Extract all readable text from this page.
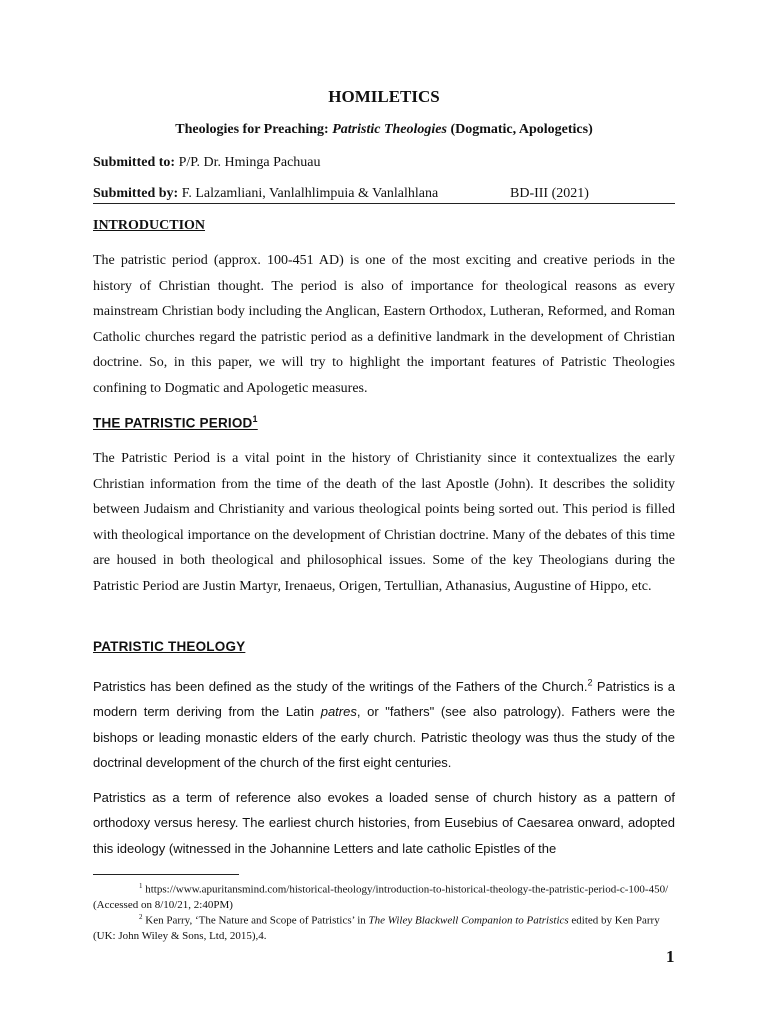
HOMILETICS
Theologies for Preaching: Patristic Theologies (Dogmatic, Apologetics)
Submitted to: P/P. Dr. Hminga Pachuau
Submitted by: F. Lalzamliani, Vanlalhlimpuia & Vanlalhlana	BD-III (2021)
INTRODUCTION

The patristic period (approx. 100-451 AD) is one of the most exciting and creative periods in the history of Christian thought. The period is also of importance for theological reasons as every mainstream Christian body including the Anglican, Eastern Orthodox, Lutheran, Reformed, and Roman Catholic churches regard the patristic period as a definitive landmark in the development of Christian doctrine. So, in this paper, we will try to highlight the important features of Patristic Theologies confining to Dogmatic and Apologetic measures.

THE PATRISTIC PERIOD$^1$

The Patristic Period is a vital point in the history of Christianity since it contextualizes the early Christian information from the time of the death of the last Apostle (John). It describes the solidity between Judaism and Christianity and various theological points being sorted out. This period is filled with theological importance on the development of Christian doctrine. Many of the debates of this time are housed in both theological and philosophical issues. Some of the key Theologians during the Patristic Period are Justin Martyr, Irenaeus, Origen, Tertullian, Athanasius, Augustine of Hippo, etc.

PATRISTIC THEOLOGY

Patristics has been defined as the study of the writings of the Fathers of the Church.$^2$ Patristics is a modern term deriving from the Latin patres, or "fathers" (see also patrology). Fathers were the bishops or leading monastic elders of the early church. Patristic theology was thus the study of the doctrinal development of the church of the first eight centuries.

Patristics as a term of reference also evokes a loaded sense of church history as a pattern of orthodoxy versus heresy. The earliest church histories, from Eusebius of Caesarea onward, adopted this ideology (witnessed in the Johannine Letters and late catholic Epistles of the

$^1$ https://www.apuritansmind.com/historical-theology/introduction-to-historical-theology-the-patristic-period-c-100-450/ (Accessed on 8/10/21, 2:40PM)

$^2$ Ken Parry, ‘The Nature and Scope of Patristics’ in The Wiley Blackwell Companion to Patristics edited by Ken Parry (UK: John Wiley & Sons, Ltd, 2015),4.

1
